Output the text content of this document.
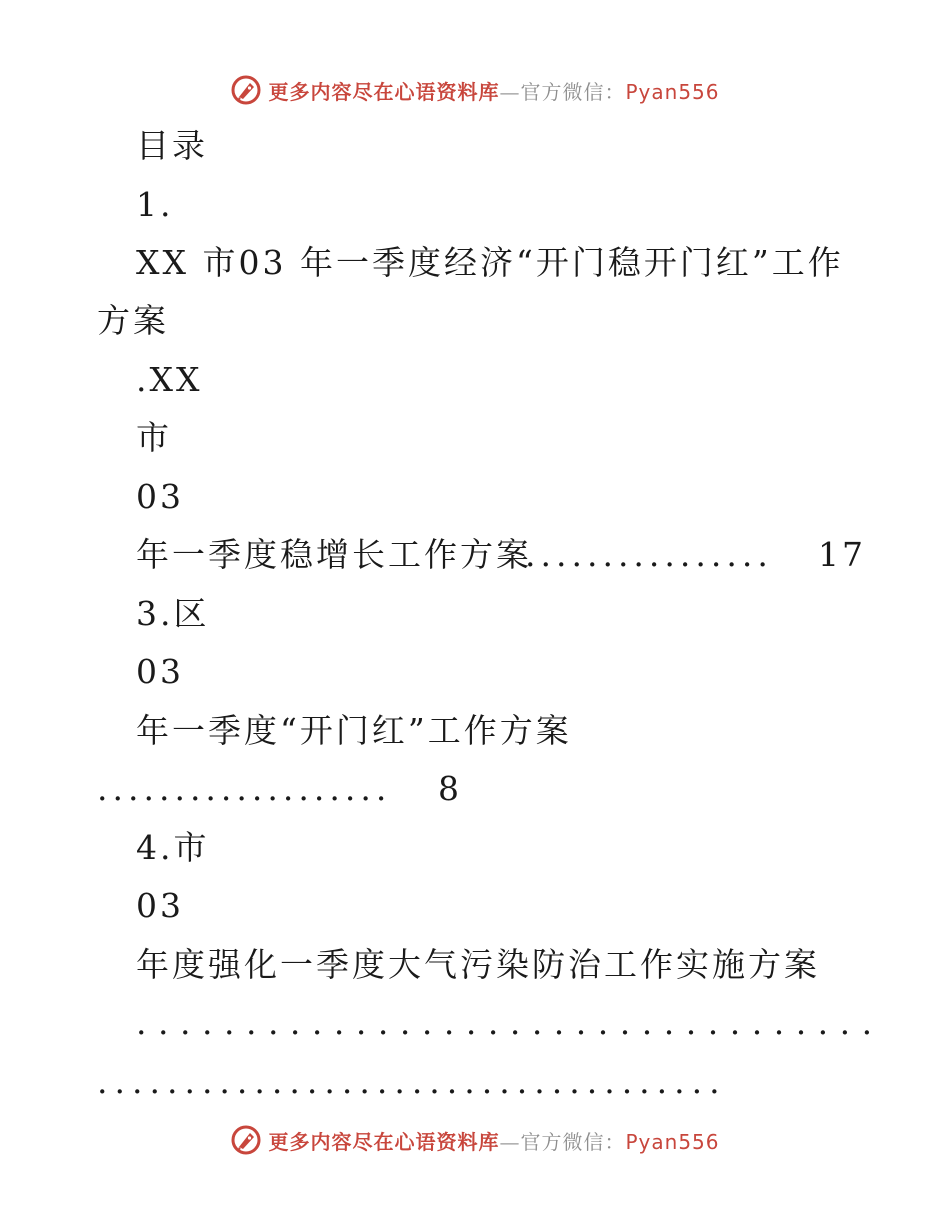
更多内容尽在心语资料库—官方微信：Pyan556
目录
1.
XX 市03 年一季度经济“开门稳开门红”工作
方案
.XX
市
03
年一季度稳增长工作方案
................ 17
3.区
03
年一季度“开门红”工作方案
................... 8
4.市
03
年度强化一季度大气污染防治工作实施方案
..................................
....................................
更多内容尽在心语资料库—官方微信：Pyan556
